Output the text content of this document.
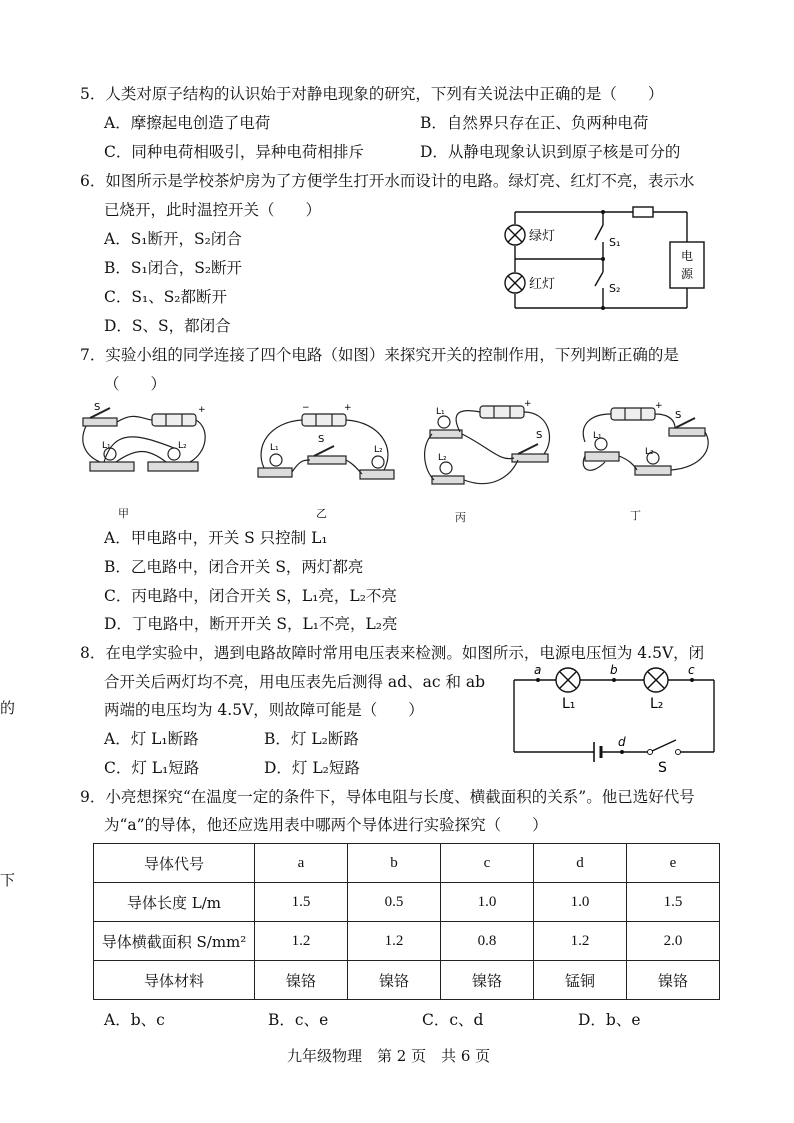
的
下
5．人类对原子结构的认识始于对静电现象的研究，下列有关说法中正确的是（　　）
A．摩擦起电创造了电荷	B．自然界只存在正、负两种电荷
C．同种电荷相吸引，异种电荷相排斥	D．从静电现象认识到原子核是可分的
6．如图所示是学校茶炉房为了方便学生打开水而设计的电路。绿灯亮、红灯不亮，表示水
已烧开，此时温控开关（　　）
A．S₁断开，S₂闭合
B．S₁闭合，S₂断开
C．S₁、S₂都断开
D．S、S，都闭合
绿灯
红灯
S₁
S₂
电
源
7．实验小组的同学连接了四个电路（如图）来探究开关的控制作用，下列判断正确的是
（　　）
S
L₁	L₂
+
L₁
S
L₂
−	+	L₁
L₂
S
+
L₁
L₂
S
+
甲	乙	丙	丁
A．甲电路中，开关 S 只控制 L₁
B．乙电路中，闭合开关 S，两灯都亮
C．丙电路中，闭合开关 S，L₁亮，L₂不亮
D．丁电路中，断开开关 S，L₁不亮，L₂亮
8．在电学实验中，遇到电路故障时常用电压表来检测。如图所示，电源电压恒为 4.5V，闭
合开关后两灯均不亮，用电压表先后测得 ad、ac 和 ab
两端的电压均为 4.5V，则故障可能是（　　）
A．灯 L₁断路	B．灯 L₂断路
C．灯 L₁短路	D．灯 L₂短路
a	b	c
d
L₁	L₂
S
9．小亮想探究“在温度一定的条件下，导体电阻与长度、横截面积的关系”。他已选好代号
为“a”的导体，他还应选用表中哪两个导体进行实验探究（　　）
导体代号	a	b	c	d	e
导体长度 L/m	1.5	0.5	1.0	1.0	1.5
导体横截面积 S/mm²	1.2	1.2	0.8	1.2	2.0
导体材料	镍铬	镍铬	镍铬	锰铜	镍铬
A．b、c	B．c、e	C．c、d	D．b、e
九年级物理　第 2 页　共 6 页
